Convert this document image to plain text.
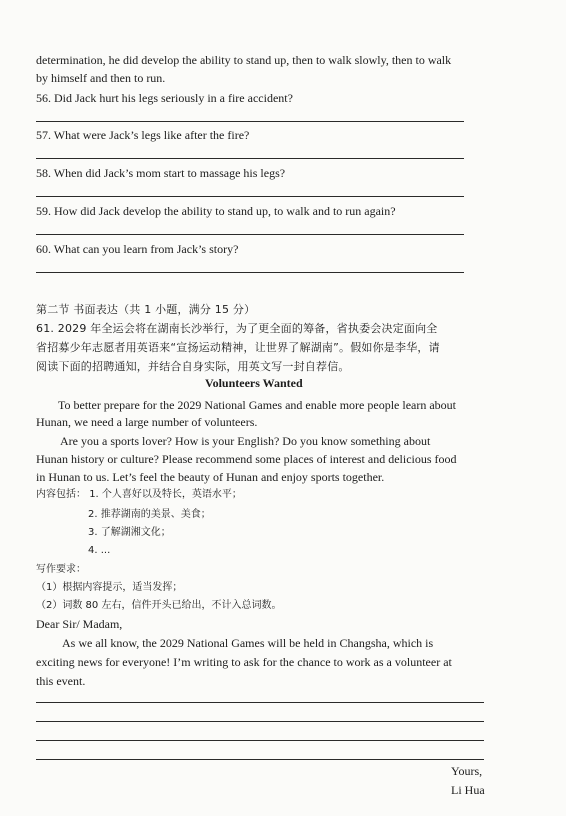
determination, he did develop the ability to stand up, then to walk slowly, then to walk
by himself and then to run.
56. Did Jack hurt his legs seriously in a fire accident?
57. What were Jack’s legs like after the fire?
58. When did Jack’s mom start to massage his legs?
59. How did Jack develop the ability to stand up, to walk and to run again?
60. What can you learn from Jack’s story?
第二节 书面表达（共 1 小题，满分 15 分）
61. 2029 年全运会将在湖南长沙举行，为了更全面的筹备，省执委会决定面向全
省招募少年志愿者用英语来“宣扬运动精神，让世界了解湖南”。假如你是李华，请
阅读下面的招聘通知，并结合自身实际，用英文写一封自荐信。
Volunteers Wanted
To better prepare for the 2029 National Games and enable more people learn about
Hunan, we need a large number of volunteers.
Are you a sports lover? How is your English? Do you know something about
Hunan history or culture? Please recommend some places of interest and delicious food
in Hunan to us. Let’s feel the beauty of Hunan and enjoy sports together.
内容包括： 1. 个人喜好以及特长，英语水平；
2. 推荐湖南的美景、美食；
3. 了解湖湘文化；
4. ...
写作要求：
（1）根据内容提示，适当发挥；
（2）词数 80 左右，信件开头已给出，不计入总词数。
Dear Sir/ Madam,
As we all know, the 2029 National Games will be held in Changsha, which is
exciting news for everyone! I’m writing to ask for the chance to work as a volunteer at
this event.
Yours,
Li Hua
